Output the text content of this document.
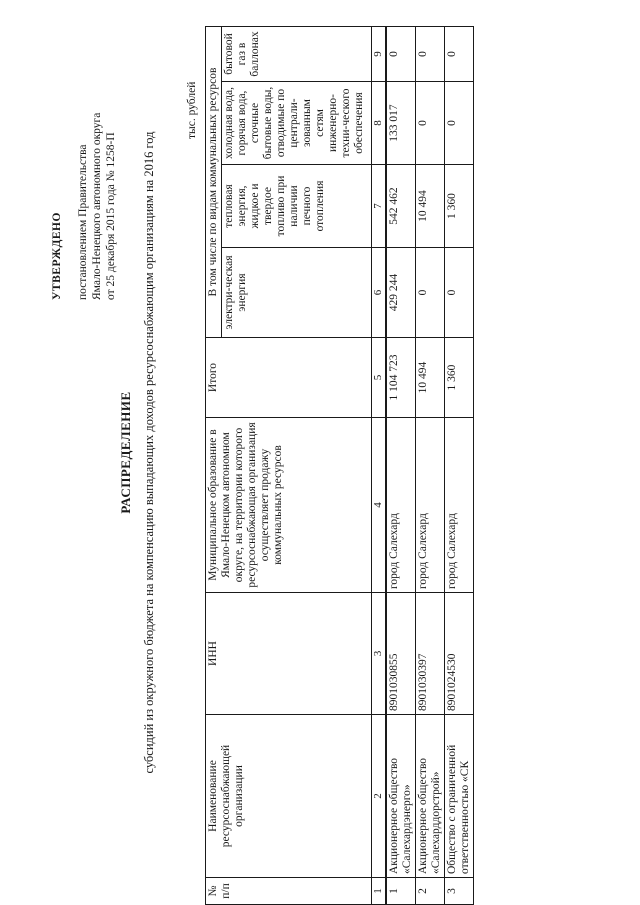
УТВЕРЖДЕНО постановлением Правительства Ямало-Ненецкого автономного округа от 25 декабря 2015 года № 1258-П
РАСПРЕДЕЛЕНИЕ субсидий из окружного бюджета на компенсацию выпадающих доходов ресурсоснабжающим организациям на 2016 год
тыс. рублей
№ п/п	Наименование ресурсоснабжающей организации	ИНН	Муниципальное образование в Ямало-Ненецком автономном округе, на территории которого ресурсоснабжающая организация осуществляет продажу коммунальных ресурсов	Итого	В том числе по видам коммунальных ресурсов			
					электри-ческая энергия	тепловая энергия, жидкое и твердое топливо при наличии печного отопления	холодная вода, горячая вода, сточные бытовые воды, отводимые по централи-зованным сетям инженерно-техни-ческого обеспечения	бытовой газ в баллонах
1	2	3	4	5	6	7	8	9
1	Акционерное общество «Салехардэнерго»	8901030855	город Салехард	1 104 723	429 244	542 462	133 017	0
2	Акционерное общество «Салехарддорстрой»	8901030397	город Салехард	10 494	0	10 494	0	0
3	Общество с ограниченной ответственностью «СК	8901024530	город Салехард	1 360	0	1 360	0	0
